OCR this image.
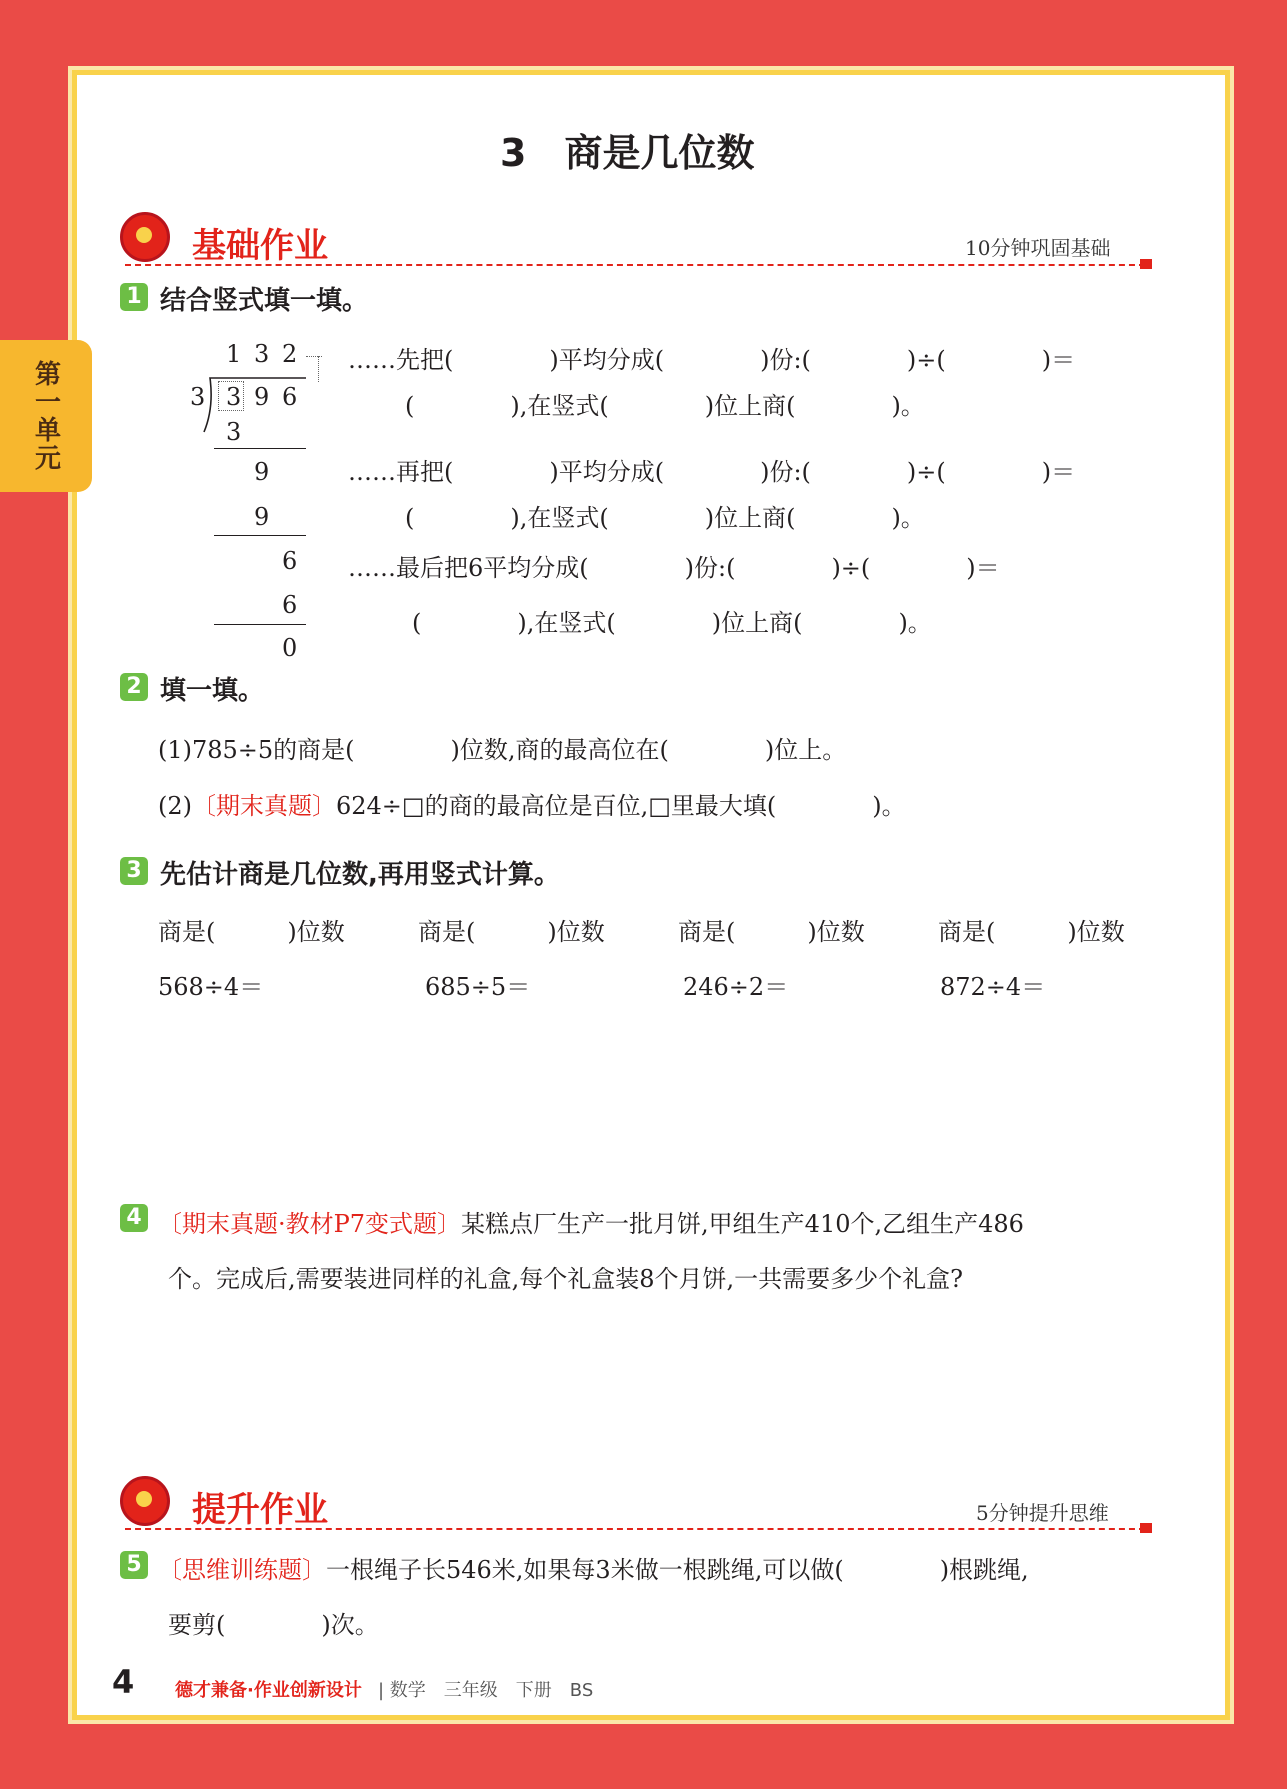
第一单元
3　商是几位数
基础作业	10分钟巩固基础
1 结合竖式填一填。
1 3 2
3 3 9 6
3
9
9
6
6
0
……先把(　　　　)平均分成(　　　　)份:(　　　　)÷(　　　　)＝
(　　　　),在竖式(　　　　)位上商(　　　　)。
……再把(　　　　)平均分成(　　　　)份:(　　　　)÷(　　　　)＝
(　　　　),在竖式(　　　　)位上商(　　　　)。
……最后把6平均分成(　　　　)份:(　　　　)÷(　　　　)＝
(　　　　),在竖式(　　　　)位上商(　　　　)。
2 填一填。
(1)785÷5的商是(　　　　)位数,商的最高位在(　　　　)位上。
(2)〔期末真题〕624÷□的商的最高位是百位,□里最大填(　　　　)。
3 先估计商是几位数,再用竖式计算。
商是(　　　)位数	商是(　　　)位数	商是(　　　)位数	商是(　　　)位数
568÷4＝	685÷5＝	246÷2＝	872÷4＝
4 〔期末真题·教材P7变式题〕某糕点厂生产一批月饼,甲组生产410个,乙组生产486
个。完成后,需要装进同样的礼盒,每个礼盒装8个月饼,一共需要多少个礼盒?
提升作业	5分钟提升思维
5 〔思维训练题〕一根绳子长546米,如果每3米做一根跳绳,可以做(　　　　)根跳绳,
要剪(　　　　)次。
4 德才兼备·作业创新设计 | 数学　三年级　下册　BS
